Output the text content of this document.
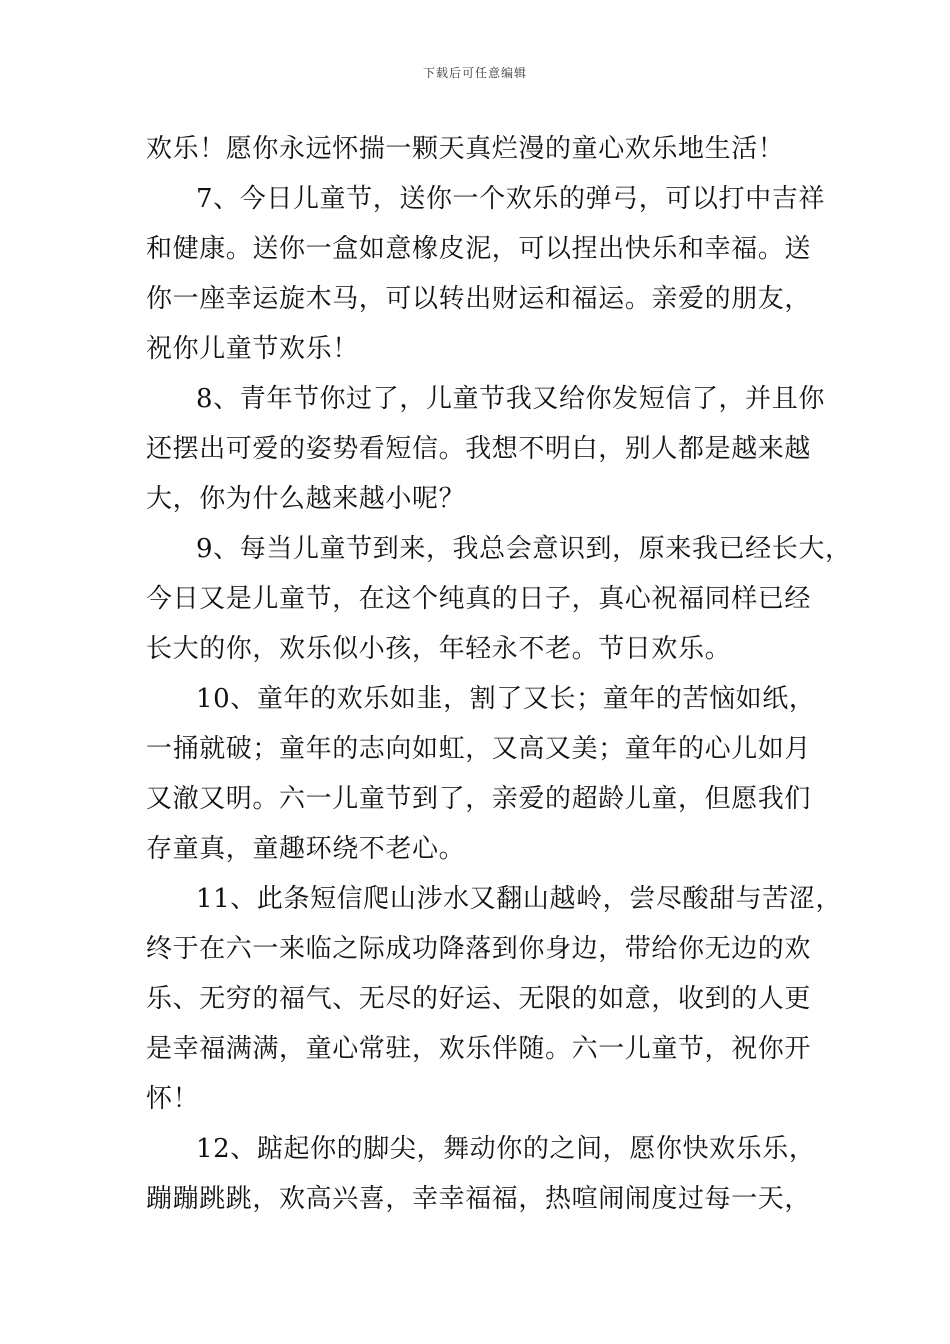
下载后可任意编辑
欢乐！愿你永远怀揣一颗天真烂漫的童心欢乐地生活！
7、今日儿童节，送你一个欢乐的弹弓，可以打中吉祥
和健康。送你一盒如意橡皮泥，可以捏出快乐和幸福。送
你一座幸运旋木马，可以转出财运和福运。亲爱的朋友，
祝你儿童节欢乐！
8、青年节你过了，儿童节我又给你发短信了，并且你
还摆出可爱的姿势看短信。我想不明白，别人都是越来越
大，你为什么越来越小呢？
9、每当儿童节到来，我总会意识到，原来我已经长大，
今日又是儿童节，在这个纯真的日子，真心祝福同样已经
长大的你，欢乐似小孩，年轻永不老。节日欢乐。
10、童年的欢乐如韭，割了又长；童年的苦恼如纸，
一捅就破；童年的志向如虹，又高又美；童年的心儿如月
又澈又明。六一儿童节到了，亲爱的超龄儿童，但愿我们
存童真，童趣环绕不老心。
11、此条短信爬山涉水又翻山越岭，尝尽酸甜与苦涩，
终于在六一来临之际成功降落到你身边，带给你无边的欢
乐、无穷的福气、无尽的好运、无限的如意，收到的人更
是幸福满满，童心常驻，欢乐伴随。六一儿童节，祝你开
怀！
12、踮起你的脚尖，舞动你的之间，愿你快欢乐乐，
蹦蹦跳跳，欢高兴喜，幸幸福福，热喧闹闹度过每一天，
